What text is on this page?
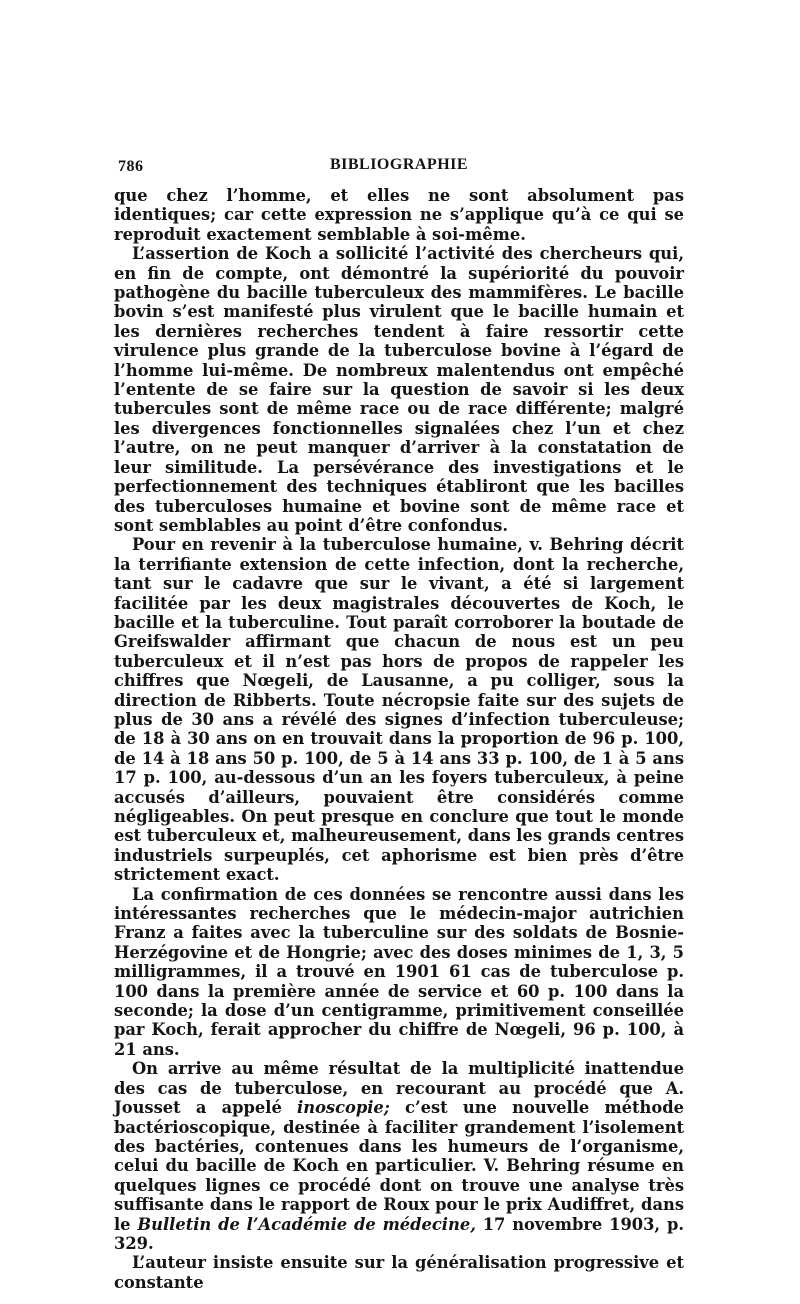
786	BIBLIOGRAPHIE

que chez l’homme, et elles ne sont absolument pas identiques; car cette expression ne s’applique qu’à ce qui se reproduit exactement semblable à soi-même.

L’assertion de Koch a sollicité l’activité des chercheurs qui, en fin de compte, ont démontré la supériorité du pouvoir pathogène du bacille tuberculeux des mammifères. Le bacille bovin s’est manifesté plus virulent que le bacille humain et les dernières recherches tendent à faire ressortir cette virulence plus grande de la tuberculose bovine à l’égard de l’homme lui-même. De nombreux malentendus ont empêché l’entente de se faire sur la question de savoir si les deux tubercules sont de même race ou de race différente; malgré les divergences fonctionnelles signalées chez l’un et chez l’autre, on ne peut manquer d’arriver à la constatation de leur similitude. La persévérance des investigations et le perfectionnement des techniques établiront que les bacilles des tuberculoses humaine et bovine sont de même race et sont semblables au point d’être confondus.

Pour en revenir à la tuberculose humaine, v. Behring décrit la terrifiante extension de cette infection, dont la recherche, tant sur le cadavre que sur le vivant, a été si largement facilitée par les deux magistrales découvertes de Koch, le bacille et la tuberculine. Tout paraît corroborer la boutade de Greifswalder affirmant que chacun de nous est un peu tuberculeux et il n’est pas hors de propos de rappeler les chiffres que Nœgeli, de Lausanne, a pu colliger, sous la direction de Ribberts. Toute nécropsie faite sur des sujets de plus de 30 ans a révélé des signes d’infection tuberculeuse; de 18 à 30 ans on en trouvait dans la proportion de 96 p. 100, de 14 à 18 ans 50 p. 100, de 5 à 14 ans 33 p. 100, de 1 à 5 ans 17 p. 100, au-dessous d’un an les foyers tuberculeux, à peine accusés d’ailleurs, pouvaient être considérés comme négligeables. On peut presque en conclure que tout le monde est tuberculeux et, malheureusement, dans les grands centres industriels surpeuplés, cet aphorisme est bien près d’être strictement exact.

La confirmation de ces données se rencontre aussi dans les intéressantes recherches que le médecin-major autrichien Franz a faites avec la tuberculine sur des soldats de Bosnie-Herzégovine et de Hongrie; avec des doses minimes de 1, 3, 5 milligrammes, il a trouvé en 1901 61 cas de tuberculose p. 100 dans la première année de service et 60 p. 100 dans la seconde; la dose d’un centigramme, primitivement conseillée par Koch, ferait approcher du chiffre de Nœgeli, 96 p. 100, à 21 ans.

On arrive au même résultat de la multiplicité inattendue des cas de tuberculose, en recourant au procédé que A. Jousset a appelé inoscopie; c’est une nouvelle méthode bactérioscopique, destinée à faciliter grandement l’isolement des bactéries, contenues dans les humeurs de l’organisme, celui du bacille de Koch en particulier. V. Behring résume en quelques lignes ce procédé dont on trouve une analyse très suffisante dans le rapport de Roux pour le prix Audiffret, dans le Bulletin de l’Académie de médecine, 17 novembre 1903, p. 329.

L’auteur insiste ensuite sur la généralisation progressive et constante
